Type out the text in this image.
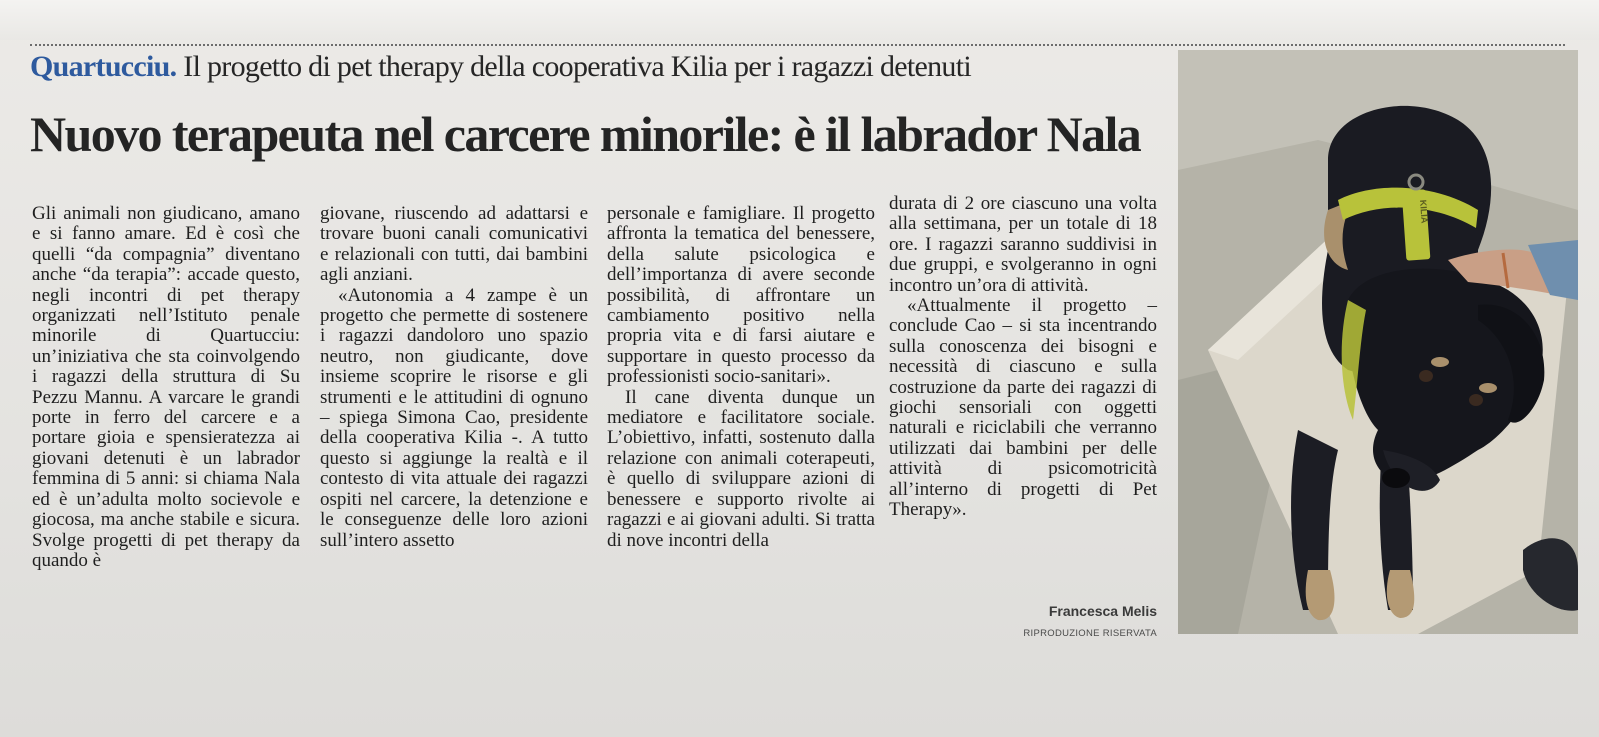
Quartucciu. Il progetto di pet therapy della cooperativa Kilia per i ragazzi detenuti
Nuovo terapeuta nel carcere minorile: è il labrador Nala

Gli animali non giudicano, amano e si fanno amare. Ed è così che quelli “da compagnia” diventano anche “da terapia”: accade questo, negli incontri di pet therapy organizzati nell’Istituto penale minorile di Quartucciu: un’iniziativa che sta coinvolgendo i ragazzi della struttura di Su Pezzu Mannu. A varcare le grandi porte in ferro del carcere e a portare gioia e spensieratezza ai giovani detenuti è un labrador femmina di 5 anni: si chiama Nala ed è un’adulta molto socievole e giocosa, ma anche stabile e sicura. Svolge progetti di pet therapy da quando è

giovane, riuscendo ad adattarsi e trovare buoni canali comunicativi e relazionali con tutti, dai bambini agli anziani.

«Autonomia a 4 zampe è un progetto che permette di sostenere i ragazzi dandoloro uno spazio neutro, non giudicante, dove insieme scoprire le risorse e gli strumenti e le attitudini di ognuno – spiega Simona Cao, presidente della cooperativa Kilia -. A tutto questo si aggiunge la realtà e il contesto di vita attuale dei ragazzi ospiti nel carcere, la detenzione e le conseguenze delle loro azioni sull’intero assetto

personale e famigliare. Il progetto affronta la tematica del benessere, della salute psicologica e dell’importanza di avere seconde possibilità, di affrontare un cambiamento positivo nella propria vita e di farsi aiutare e supportare in questo processo da professionisti socio-sanitari».

Il cane diventa dunque un mediatore e facilitatore sociale. L’obiettivo, infatti, sostenuto dalla relazione con animali coterapeuti, è quello di sviluppare azioni di benessere e supporto rivolte ai ragazzi e ai giovani adulti. Si tratta di nove incontri della

durata di 2 ore ciascuno una volta alla settimana, per un totale di 18 ore. I ragazzi saranno suddivisi in due gruppi, e svolgeranno in ogni incontro un’ora di attività.

«Attualmente il progetto – conclude Cao – si sta incentrando sulla conoscenza dei bisogni e necessità di ciascuno e sulla costruzione da parte dei ragazzi di giochi sensoriali con oggetti naturali e riciclabili che verranno utilizzati dai bambini per delle attività di psicomotricità all’interno di progetti di Pet Therapy».

Francesca Melis
RIPRODUZIONE RISERVATA
KILIA
